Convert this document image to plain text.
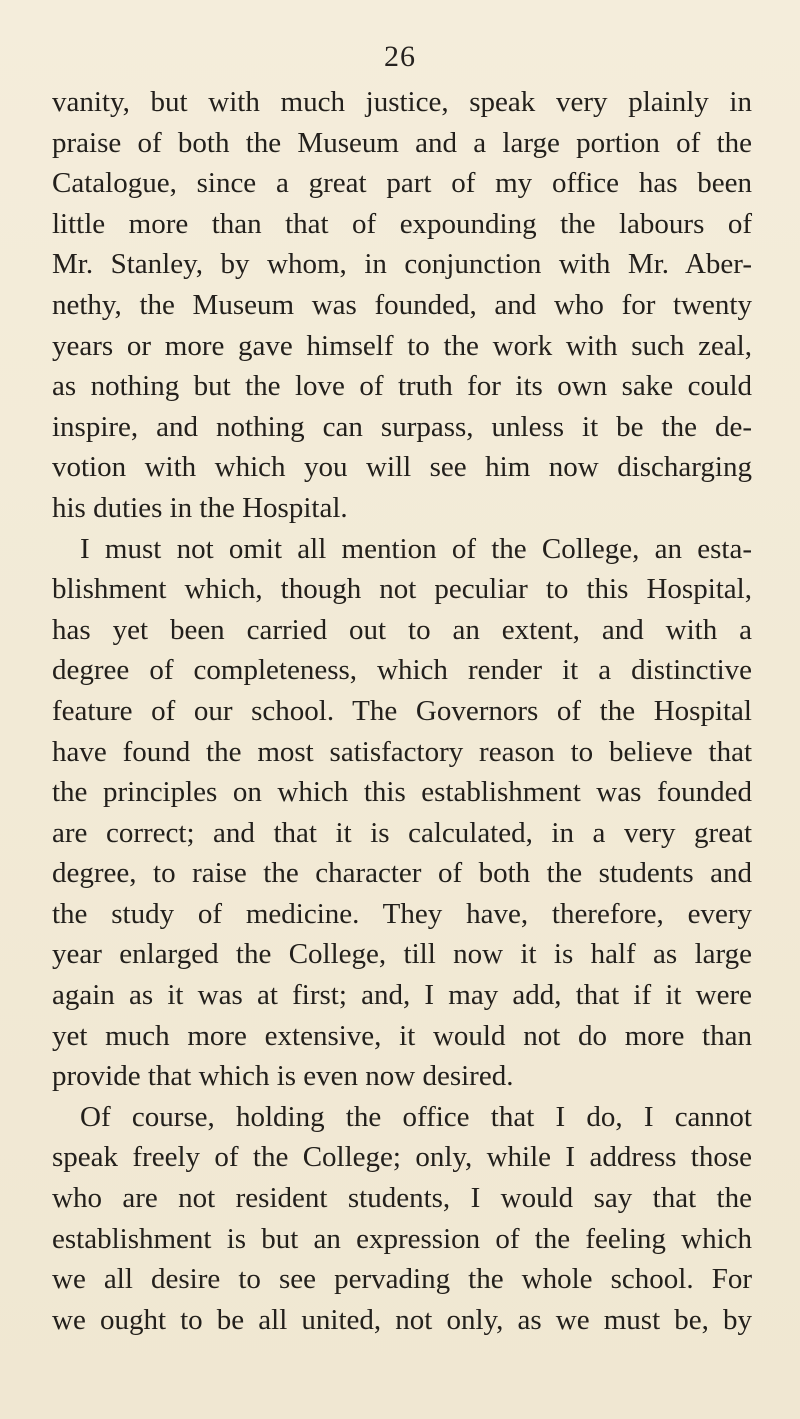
26
vanity, but with much justice, speak very plainly in
praise of both the Museum and a large portion of the
Catalogue, since a great part of my office has been
little more than that of expounding the labours of
Mr. Stanley, by whom, in conjunction with Mr. Aber-
nethy, the Museum was founded, and who for twenty
years or more gave himself to the work with such zeal,
as nothing but the love of truth for its own sake could
inspire, and nothing can surpass, unless it be the de-
votion with which you will see him now discharging
his duties in the Hospital.
I must not omit all mention of the College, an esta-
blishment which, though not peculiar to this Hospital,
has yet been carried out to an extent, and with a
degree of completeness, which render it a distinctive
feature of our school. The Governors of the Hospital
have found the most satisfactory reason to believe that
the principles on which this establishment was founded
are correct; and that it is calculated, in a very great
degree, to raise the character of both the students and
the study of medicine. They have, therefore, every
year enlarged the College, till now it is half as large
again as it was at first; and, I may add, that if it were
yet much more extensive, it would not do more than
provide that which is even now desired.
Of course, holding the office that I do, I cannot
speak freely of the College; only, while I address those
who are not resident students, I would say that the
establishment is but an expression of the feeling which
we all desire to see pervading the whole school. For
we ought to be all united, not only, as we must be, by
